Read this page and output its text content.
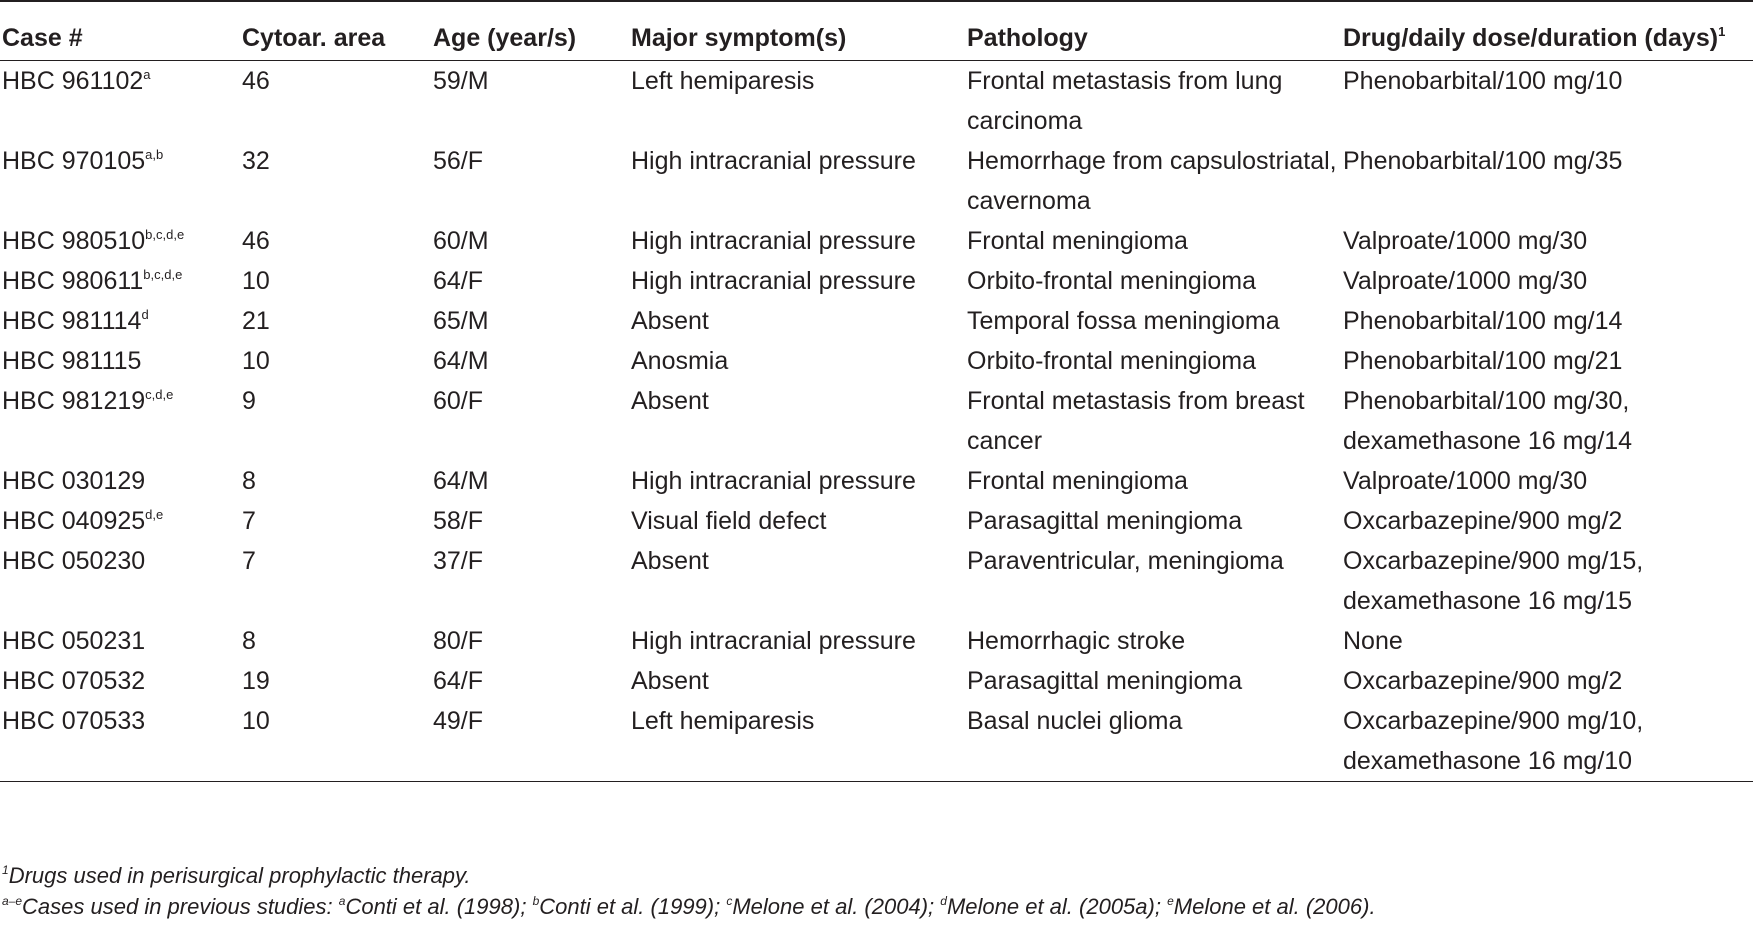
Case #	Cytoar. area	Age (year/s)	Major symptom(s)	Pathology	Drug/daily dose/duration (days)$^1$
HBC 961102$^a$	46	59/M	Left hemiparesis	Frontal metastasis from lung carcinoma	Phenobarbital/100 mg/10
HBC 970105$^{a,b}$	32	56/F	High intracranial pressure	Hemorrhage from capsulostriatal, cavernoma	Phenobarbital/100 mg/35
HBC 980510$^{b,c,d,e}$	46	60/M	High intracranial pressure	Frontal meningioma	Valproate/1000 mg/30
HBC 980611$^{b,c,d,e}$	10	64/F	High intracranial pressure	Orbito-frontal meningioma	Valproate/1000 mg/30
HBC 981114$^d$	21	65/M	Absent	Temporal fossa meningioma	Phenobarbital/100 mg/14
HBC 981115	10	64/M	Anosmia	Orbito-frontal meningioma	Phenobarbital/100 mg/21
HBC 981219$^{c,d,e}$	9	60/F	Absent	Frontal metastasis from breast cancer	Phenobarbital/100 mg/30, dexamethasone 16 mg/14
HBC 030129	8	64/M	High intracranial pressure	Frontal meningioma	Valproate/1000 mg/30
HBC 040925$^{d,e}$	7	58/F	Visual field defect	Parasagittal meningioma	Oxcarbazepine/900 mg/2
HBC 050230	7	37/F	Absent	Paraventricular, meningioma	Oxcarbazepine/900 mg/15, dexamethasone 16 mg/15
HBC 050231	8	80/F	High intracranial pressure	Hemorrhagic stroke	None
HBC 070532	19	64/F	Absent	Parasagittal meningioma	Oxcarbazepine/900 mg/2
HBC 070533	10	49/F	Left hemiparesis	Basal nuclei glioma	Oxcarbazepine/900 mg/10, dexamethasone 16 mg/10
$^1$Drugs used in perisurgical prophylactic therapy.
$^{a-e}$Cases used in previous studies: $^a$Conti et al. (1998); $^b$Conti et al. (1999); $^c$Melone et al. (2004); $^d$Melone et al. (2005a); $^e$Melone et al. (2006).
